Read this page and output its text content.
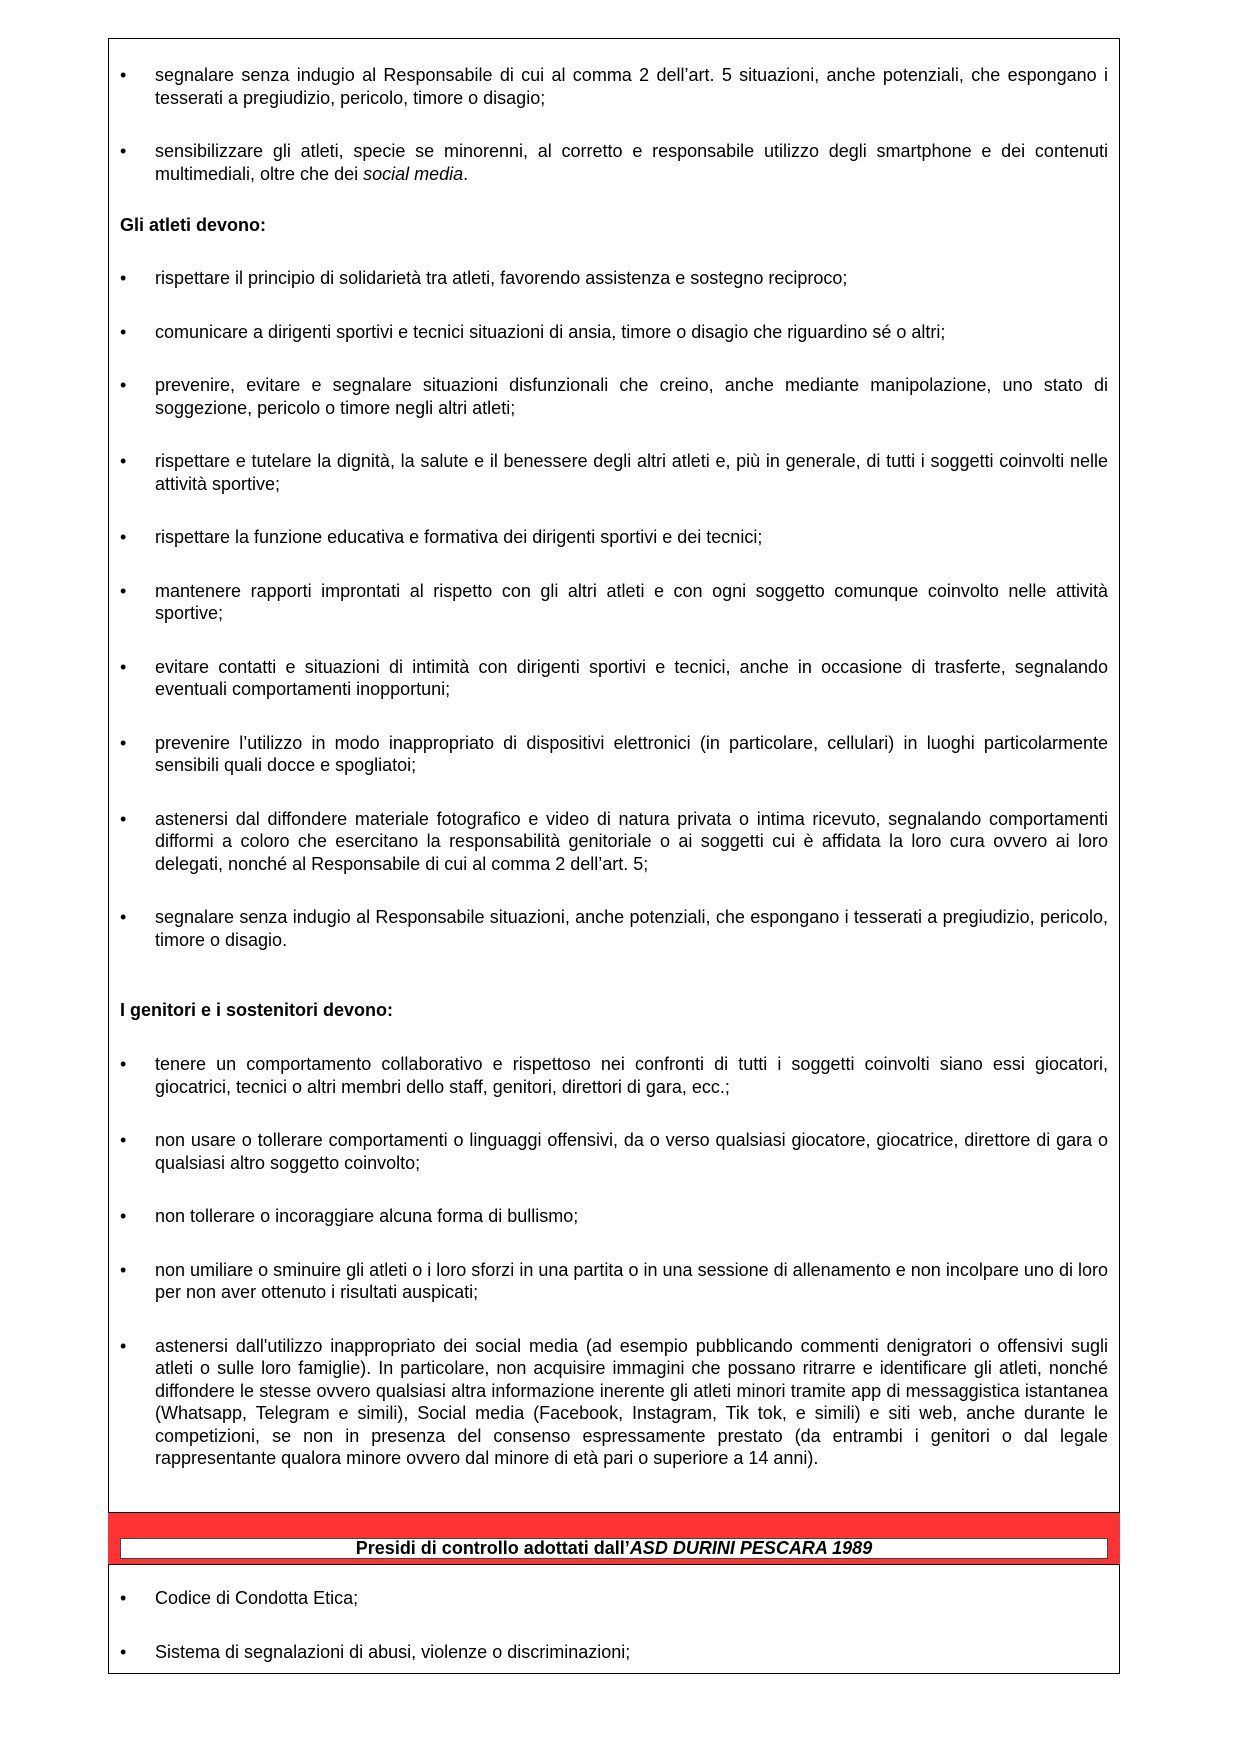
• segnalare senza indugio al Responsabile di cui al comma 2 dell’art. 5 situazioni, anche potenziali, che espongano i tesserati a pregiudizio, pericolo, timore o disagio;
• sensibilizzare gli atleti, specie se minorenni, al corretto e responsabile utilizzo degli smartphone e dei contenuti multimediali, oltre che dei social media.
Gli atleti devono:
• rispettare il principio di solidarietà tra atleti, favorendo assistenza e sostegno reciproco;
• comunicare a dirigenti sportivi e tecnici situazioni di ansia, timore o disagio che riguardino sé o altri;
• prevenire, evitare e segnalare situazioni disfunzionali che creino, anche mediante manipolazione, uno stato di soggezione, pericolo o timore negli altri atleti;
• rispettare e tutelare la dignità, la salute e il benessere degli altri atleti e, più in generale, di tutti i soggetti coinvolti nelle attività sportive;
• rispettare la funzione educativa e formativa dei dirigenti sportivi e dei tecnici;
• mantenere rapporti improntati al rispetto con gli altri atleti e con ogni soggetto comunque coinvolto nelle attività sportive;
• evitare contatti e situazioni di intimità con dirigenti sportivi e tecnici, anche in occasione di trasferte, segnalando eventuali comportamenti inopportuni;
• prevenire l’utilizzo in modo inappropriato di dispositivi elettronici (in particolare, cellulari) in luoghi particolarmente sensibili quali docce e spogliatoi;
• astenersi dal diffondere materiale fotografico e video di natura privata o intima ricevuto, segnalando comportamenti difformi a coloro che esercitano la responsabilità genitoriale o ai soggetti cui è affidata la loro cura ovvero ai loro delegati, nonché al Responsabile di cui al comma 2 dell’art. 5;
• segnalare senza indugio al Responsabile situazioni, anche potenziali, che espongano i tesserati a pregiudizio, pericolo, timore o disagio.
I genitori e i sostenitori devono:
• tenere un comportamento collaborativo e rispettoso nei confronti di tutti i soggetti coinvolti siano essi giocatori, giocatrici, tecnici o altri membri dello staff, genitori, direttori di gara, ecc.;
• non usare o tollerare comportamenti o linguaggi offensivi, da o verso qualsiasi giocatore, giocatrice, direttore di gara o qualsiasi altro soggetto coinvolto;
• non tollerare o incoraggiare alcuna forma di bullismo;
• non umiliare o sminuire gli atleti o i loro sforzi in una partita o in una sessione di allenamento e non incolpare uno di loro per non aver ottenuto i risultati auspicati;
• astenersi dall'utilizzo inappropriato dei social media (ad esempio pubblicando commenti denigratori o offensivi sugli atleti o sulle loro famiglie). In particolare, non acquisire immagini che possano ritrarre e identificare gli atleti, nonché diffondere le stesse ovvero qualsiasi altra informazione inerente gli atleti minori tramite app di messaggistica istantanea (Whatsapp, Telegram e simili), Social media (Facebook, Instagram, Tik tok, e simili) e siti web, anche durante le competizioni, se non in presenza del consenso espressamente prestato (da entrambi i genitori o dal legale rappresentante qualora minore ovvero dal minore di età pari o superiore a 14 anni).
Presidi di controllo adottati dall’ASD DURINI PESCARA 1989
• Codice di Condotta Etica;
• Sistema di segnalazioni di abusi, violenze o discriminazioni;
